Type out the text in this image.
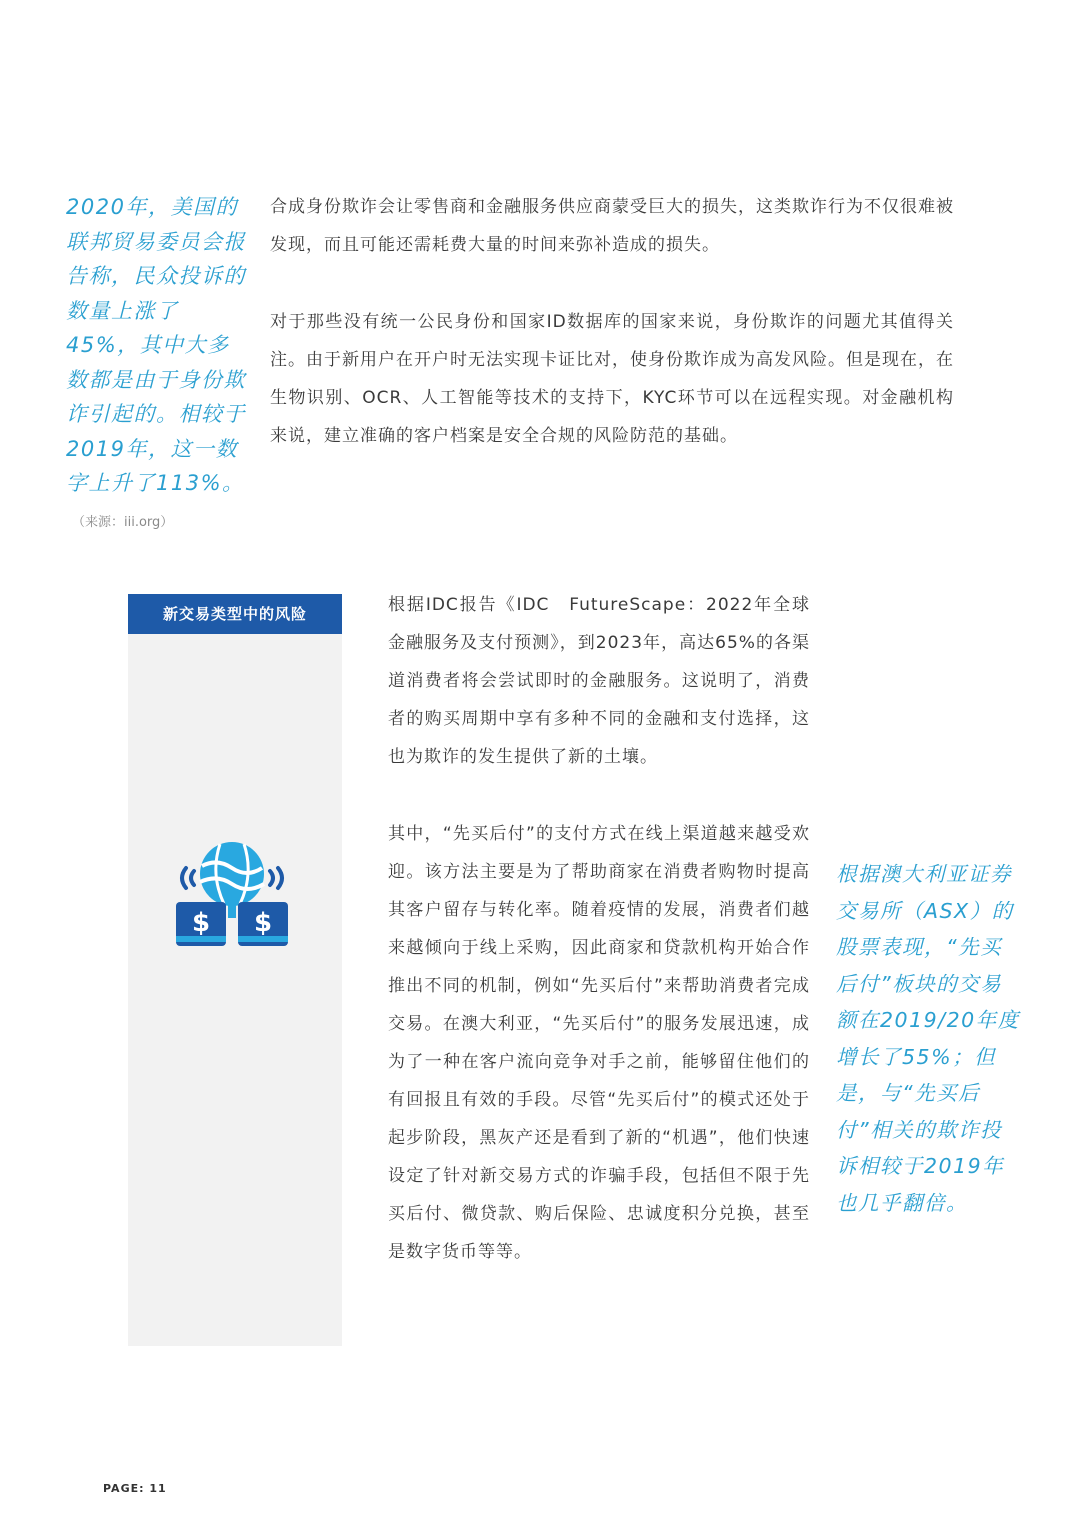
2020年，美国的联邦贸易委员会报告称，民众投诉的数量上涨了45%，其中大多数都是由于身份欺诈引起的。相较于2019年，这一数字上升了113%。

（来源：iii.org）

合成身份欺诈会让零售商和金融服务供应商蒙受巨大的损失，这类欺诈行为不仅很难被发现，而且可能还需耗费大量的时间来弥补造成的损失。

对于那些没有统一公民身份和国家ID数据库的国家来说，身份欺诈的问题尤其值得关注。由于新用户在开户时无法实现卡证比对，使身份欺诈成为高发风险。但是现在，在生物识别、OCR、人工智能等技术的支持下，KYC环节可以在远程实现。对金融机构来说，建立准确的客户档案是安全合规的风险防范的基础。

新交易类型中的风险
$ $

根据IDC报告《IDC　FutureScape：2022年全球金融服务及支付预测》，到2023年，高达65%的各渠道消费者将会尝试即时的金融服务。这说明了，消费者的购买周期中享有多种不同的金融和支付选择，这也为欺诈的发生提供了新的土壤。

其中，“先买后付”的支付方式在线上渠道越来越受欢迎。该方法主要是为了帮助商家在消费者购物时提高其客户留存与转化率。随着疫情的发展，消费者们越来越倾向于线上采购，因此商家和贷款机构开始合作推出不同的机制，例如“先买后付”来帮助消费者完成交易。在澳大利亚，“先买后付”的服务发展迅速，成为了一种在客户流向竞争对手之前，能够留住他们的有回报且有效的手段。尽管“先买后付”的模式还处于起步阶段，黑灰产还是看到了新的“机遇”，他们快速设定了针对新交易方式的诈骗手段，包括但不限于先买后付、微贷款、购后保险、忠诚度积分兑换，甚至是数字货币等等。

根据澳大利亚证券交易所（ASX）的股票表现，“先买后付”板块的交易额在2019/20年度增长了55%；但是，与“先买后付”相关的欺诈投诉相较于2019年也几乎翻倍。

PAGE: 11
